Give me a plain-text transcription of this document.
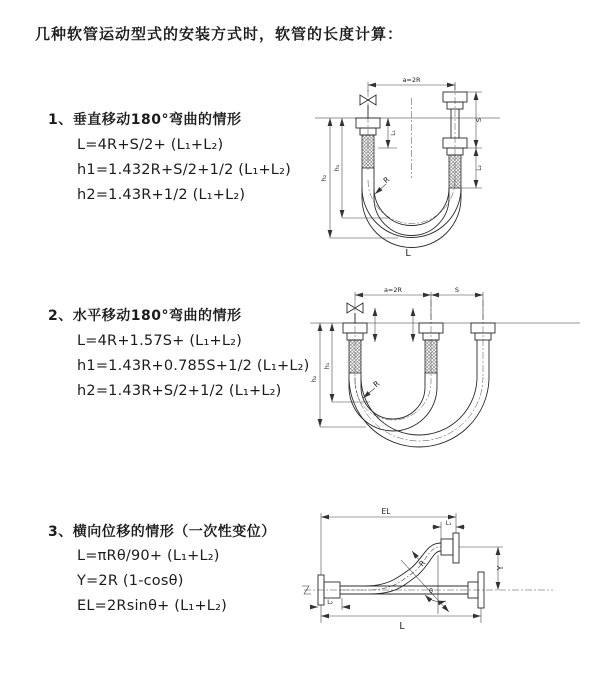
几种软管运动型式的安装方式时，软管的长度计算：
1、垂直移动180°弯曲的情形
L=4R+S/2+ (L₁+L₂)
h1=1.432R+S/2+1/2 (L₁+L₂)
h2=1.43R+1/2 (L₁+L₂)
2、水平移动180°弯曲的情形
L=4R+1.57S+ (L₁+L₂)
h1=1.43R+0.785S+1/2 (L₁+L₂)
h2=1.43R+S/2+1/2 (L₁+L₂)
3、横向位移的情形（一次性变位）
L=πRθ/90+ (L₁+L₂)
Y=2R (1-cosθ)
EL=2Rsinθ+ (L₁+L₂)
a=2R
L₁
S
L₂
h₁
h₂	R
L
a=2R	S
h₁
h₂	R
EL
L₁
Y
R
θ
L₂
L
